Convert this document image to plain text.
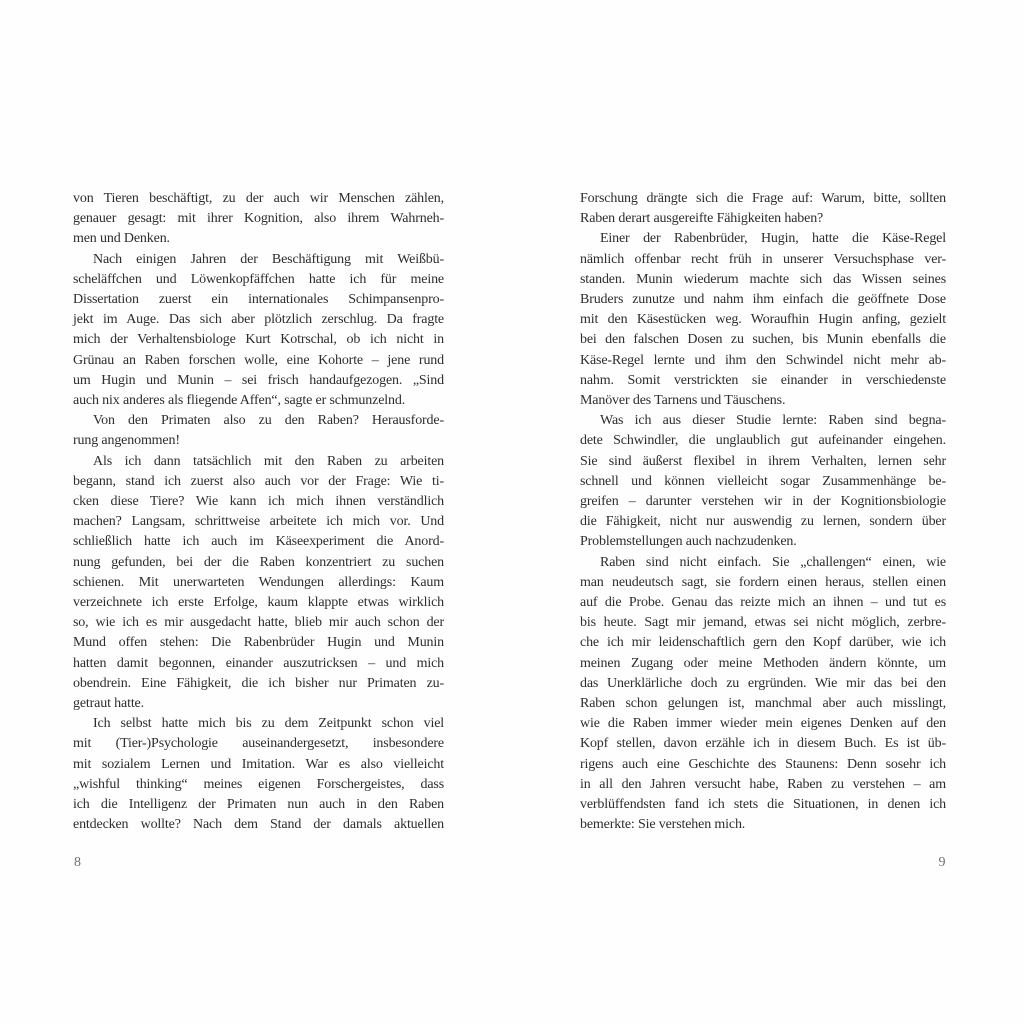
von Tieren beschäftigt, zu der auch wir Menschen zählen,
genauer gesagt: mit ihrer Kognition, also ihrem Wahrneh-
men und Denken.
Nach einigen Jahren der Beschäftigung mit Weißbü-
scheläffchen und Löwenkopfäffchen hatte ich für meine
Dissertation zuerst ein internationales Schimpansenpro-
jekt im Auge. Das sich aber plötzlich zerschlug. Da fragte
mich der Verhaltensbiologe Kurt Kotrschal, ob ich nicht in
Grünau an Raben forschen wolle, eine Kohorte – jene rund
um Hugin und Munin – sei frisch handaufgezogen. „Sind
auch nix anderes als fliegende Affen“, sagte er schmunzelnd.
Von den Primaten also zu den Raben? Herausforde-
rung angenommen!
Als ich dann tatsächlich mit den Raben zu arbeiten
begann, stand ich zuerst also auch vor der Frage: Wie ti-
cken diese Tiere? Wie kann ich mich ihnen verständlich
machen? Langsam, schrittweise arbeitete ich mich vor. Und
schließlich hatte ich auch im Käseexperiment die Anord-
nung gefunden, bei der die Raben konzentriert zu suchen
schienen. Mit unerwarteten Wendungen allerdings: Kaum
verzeichnete ich erste Erfolge, kaum klappte etwas wirklich
so, wie ich es mir ausgedacht hatte, blieb mir auch schon der
Mund offen stehen: Die Rabenbrüder Hugin und Munin
hatten damit begonnen, einander auszutricksen – und mich
obendrein. Eine Fähigkeit, die ich bisher nur Primaten zu-
getraut hatte.
Ich selbst hatte mich bis zu dem Zeitpunkt schon viel
mit (Tier-)Psychologie auseinandergesetzt, insbesondere
mit sozialem Lernen und Imitation. War es also vielleicht
„wishful thinking“ meines eigenen Forschergeistes, dass
ich die Intelligenz der Primaten nun auch in den Raben
entdecken wollte? Nach dem Stand der damals aktuellen
Forschung drängte sich die Frage auf: Warum, bitte, sollten
Raben derart ausgereifte Fähigkeiten haben?
Einer der Rabenbrüder, Hugin, hatte die Käse-Regel
nämlich offenbar recht früh in unserer Versuchsphase ver-
standen. Munin wiederum machte sich das Wissen seines
Bruders zunutze und nahm ihm einfach die geöffnete Dose
mit den Käsestücken weg. Woraufhin Hugin anfing, gezielt
bei den falschen Dosen zu suchen, bis Munin ebenfalls die
Käse-Regel lernte und ihm den Schwindel nicht mehr ab-
nahm. Somit verstrickten sie einander in verschiedenste
Manöver des Tarnens und Täuschens.
Was ich aus dieser Studie lernte: Raben sind begna-
dete Schwindler, die unglaublich gut aufeinander eingehen.
Sie sind äußerst flexibel in ihrem Verhalten, lernen sehr
schnell und können vielleicht sogar Zusammenhänge be-
greifen – darunter verstehen wir in der Kognitionsbiologie
die Fähigkeit, nicht nur auswendig zu lernen, sondern über
Problemstellungen auch nachzudenken.
Raben sind nicht einfach. Sie „challengen“ einen, wie
man neudeutsch sagt, sie fordern einen heraus, stellen einen
auf die Probe. Genau das reizte mich an ihnen – und tut es
bis heute. Sagt mir jemand, etwas sei nicht möglich, zerbre-
che ich mir leidenschaftlich gern den Kopf darüber, wie ich
meinen Zugang oder meine Methoden ändern könnte, um
das Unerklärliche doch zu ergründen. Wie mir das bei den
Raben schon gelungen ist, manchmal aber auch misslingt,
wie die Raben immer wieder mein eigenes Denken auf den
Kopf stellen, davon erzähle ich in diesem Buch. Es ist üb-
rigens auch eine Geschichte des Staunens: Denn sosehr ich
in all den Jahren versucht habe, Raben zu verstehen – am
verblüffendsten fand ich stets die Situationen, in denen ich
bemerkte: Sie verstehen mich.
8	9
